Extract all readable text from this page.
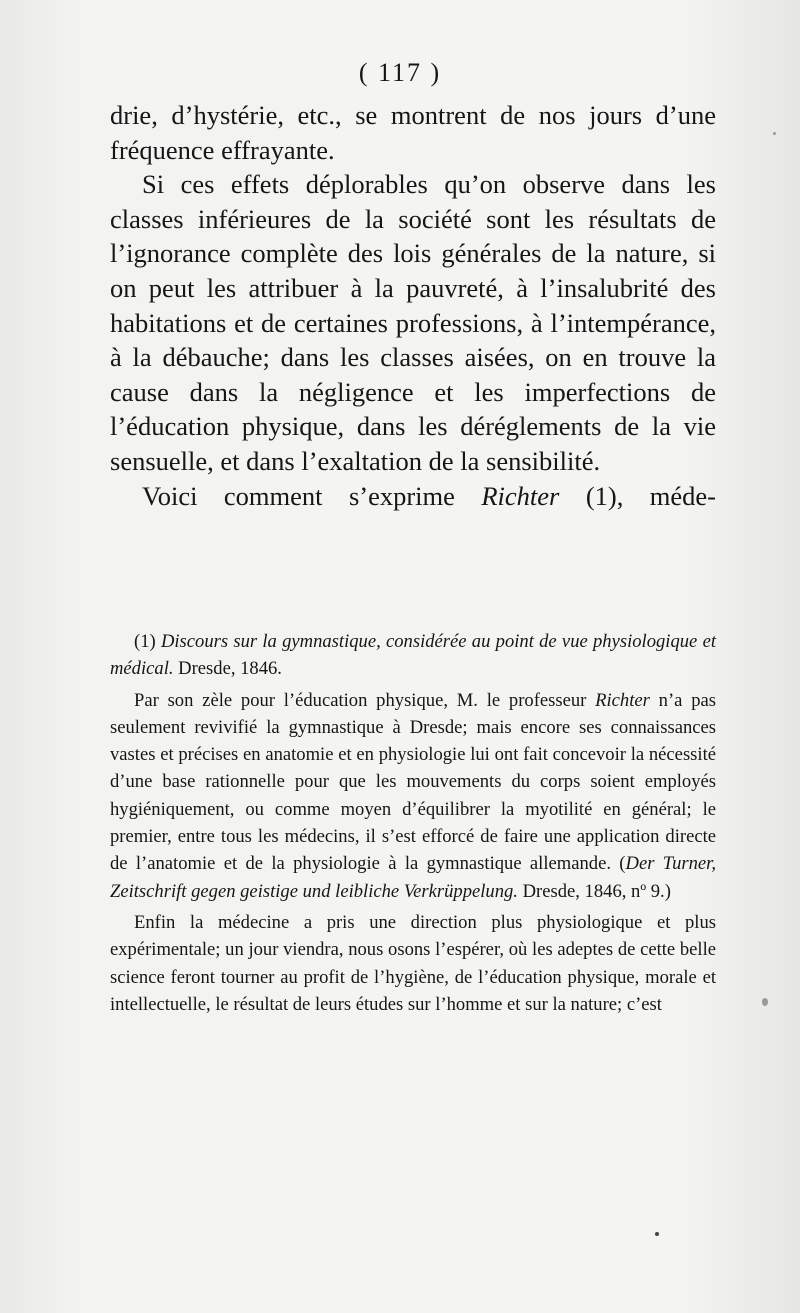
( 117 )

drie, d’hystérie, etc., se montrent de nos jours d’une fréquence effrayante.

Si ces effets déplorables qu’on observe dans les classes inférieures de la société sont les résultats de l’ignorance complète des lois générales de la nature, si on peut les attribuer à la pauvreté, à l’insalubrité des habitations et de certaines professions, à l’intempérance, à la débauche; dans les classes aisées, on en trouve la cause dans la négligence et les imperfections de l’éducation physique, dans les déréglements de la vie sensuelle, et dans l’exaltation de la sensibilité.

Voici comment s’exprime Richter (1), méde-

(1) Discours sur la gymnastique, considérée au point de vue physiologique et médical. Dresde, 1846.

Par son zèle pour l’éducation physique, M. le professeur Richter n’a pas seulement revivifié la gymnastique à Dresde; mais encore ses connaissances vastes et précises en anatomie et en physiologie lui ont fait concevoir la nécessité d’une base rationnelle pour que les mouvements du corps soient employés hygiéniquement, ou comme moyen d’équilibrer la myotilité en général; le premier, entre tous les médecins, il s’est efforcé de faire une application directe de l’anatomie et de la physiologie à la gymnastique allemande. (Der Turner, Zeitschrift gegen geistige und leibliche Verkrüppelung. Dresde, 1846, nº 9.)

Enfin la médecine a pris une direction plus physiologique et plus expérimentale; un jour viendra, nous osons l’espérer, où les adeptes de cette belle science feront tourner au profit de l’hygiène, de l’éducation physique, morale et intellectuelle, le résultat de leurs études sur l’homme et sur la nature; c’est
